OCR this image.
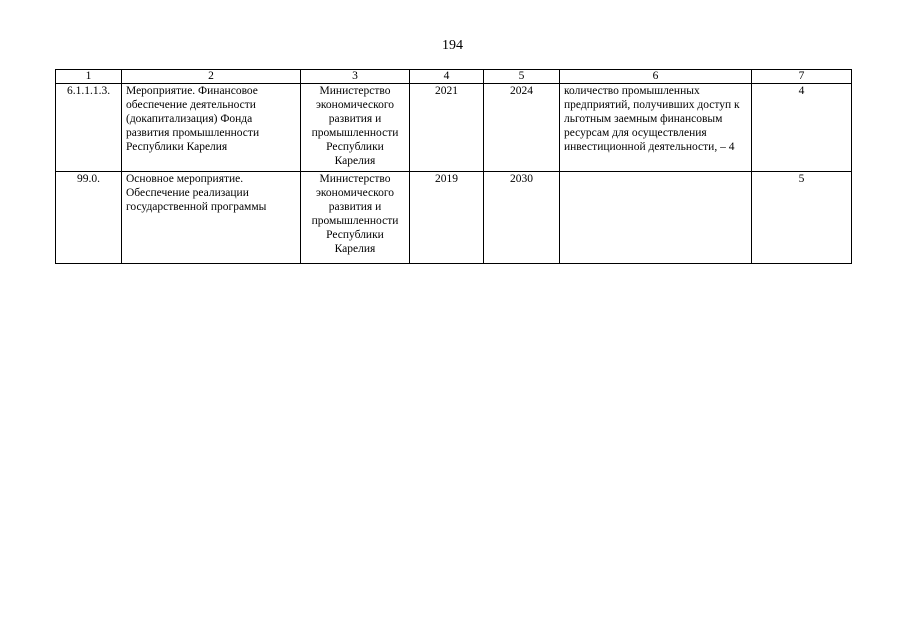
194
1	2	3	4	5	6	7
6.1.1.1.3.	Мероприятие. Финансовое обеспечение деятельности (докапитализация) Фонда развития промышленности Республики Карелия	Министерство экономического развития и промышленности Республики Карелия	2021	2024	количество промышленных предприятий, получивших доступ к льготным заемным финансовым ресурсам для осуществления инвестиционной деятельности, – 4	4
99.0.	Основное мероприятие. Обеспечение реализации государственной программы	Министерство экономического развития и промышленности Республики Карелия	2019	2030		5
